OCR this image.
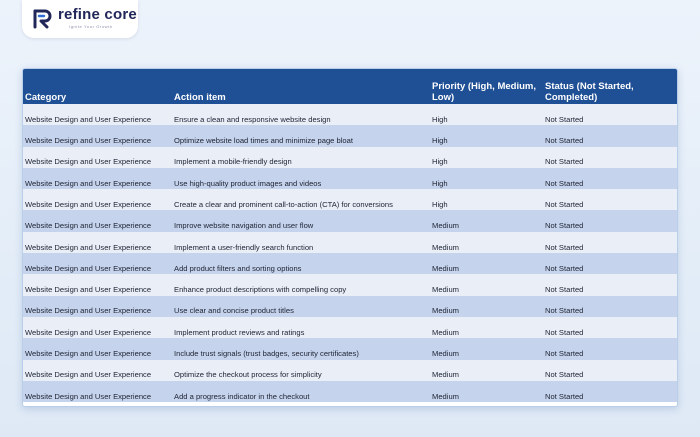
refine core
Ignite Your Growth
Category	Action item	Priority (High, Medium, Low)	Status (Not Started, Completed)
Website Design and User Experience	Ensure a clean and responsive website design	High	Not Started
Website Design and User Experience	Optimize website load times and minimize page bloat	High	Not Started
Website Design and User Experience	Implement a mobile-friendly design	High	Not Started
Website Design and User Experience	Use high-quality product images and videos	High	Not Started
Website Design and User Experience	Create a clear and prominent call-to-action (CTA) for conversions	High	Not Started
Website Design and User Experience	Improve website navigation and user flow	Medium	Not Started
Website Design and User Experience	Implement a user-friendly search function	Medium	Not Started
Website Design and User Experience	Add product filters and sorting options	Medium	Not Started
Website Design and User Experience	Enhance product descriptions with compelling copy	Medium	Not Started
Website Design and User Experience	Use clear and concise product titles	Medium	Not Started
Website Design and User Experience	Implement product reviews and ratings	Medium	Not Started
Website Design and User Experience	Include trust signals (trust badges, security certificates)	Medium	Not Started
Website Design and User Experience	Optimize the checkout process for simplicity	Medium	Not Started
Website Design and User Experience	Add a progress indicator in the checkout	Medium	Not Started
